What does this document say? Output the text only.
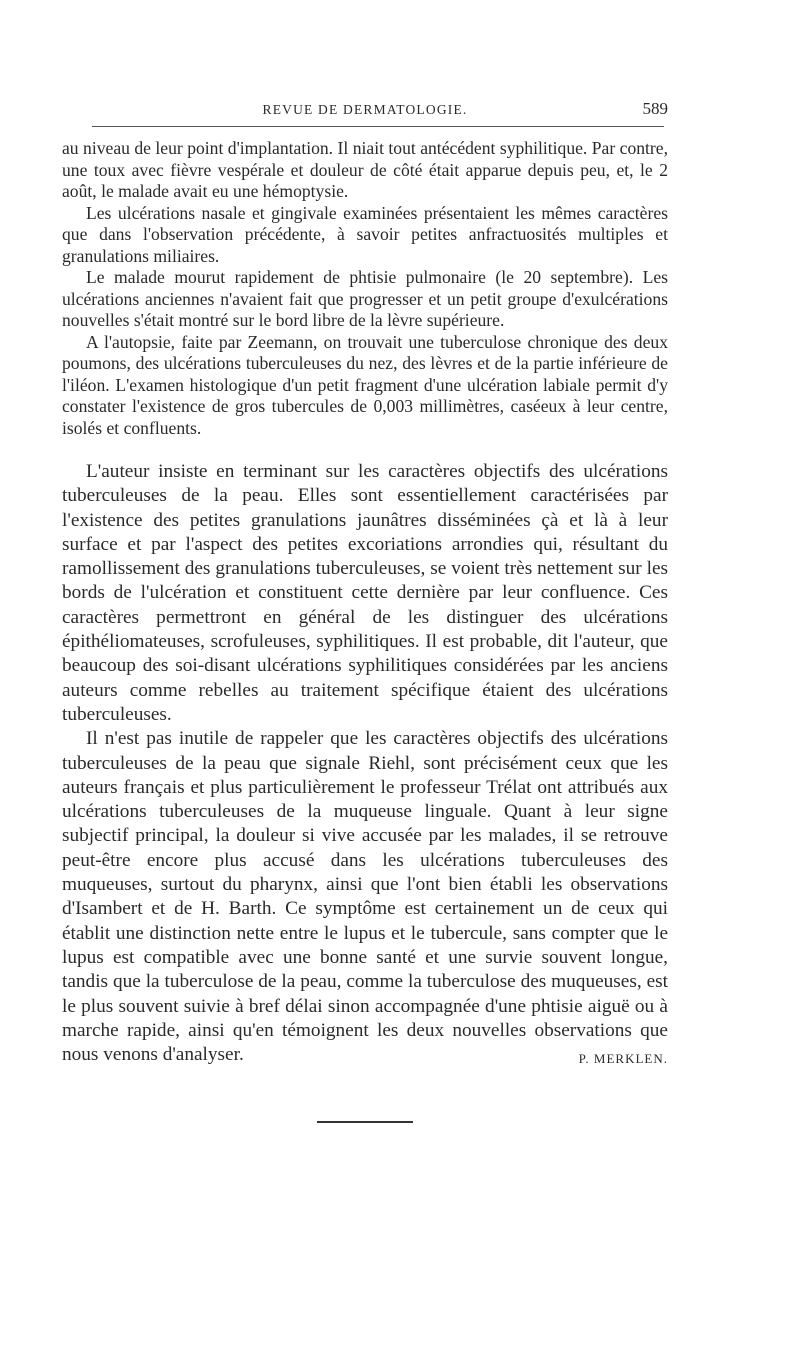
REVUE DE DERMATOLOGIE.	589

au niveau de leur point d'implantation. Il niait tout antécédent syphilitique. Par contre, une toux avec fièvre vespérale et douleur de côté était apparue depuis peu, et, le 2 août, le malade avait eu une hémoptysie.

Les ulcérations nasale et gingivale examinées présentaient les mêmes caractères que dans l'observation précédente, à savoir petites anfractuosités multiples et granulations miliaires.

Le malade mourut rapidement de phtisie pulmonaire (le 20 septembre). Les ulcérations anciennes n'avaient fait que progresser et un petit groupe d'exulcérations nouvelles s'était montré sur le bord libre de la lèvre supérieure.

A l'autopsie, faite par Zeemann, on trouvait une tuberculose chronique des deux poumons, des ulcérations tuberculeuses du nez, des lèvres et de la partie inférieure de l'iléon. L'examen histologique d'un petit fragment d'une ulcération labiale permit d'y constater l'existence de gros tubercules de 0,003 millimètres, caséeux à leur centre, isolés et confluents.

L'auteur insiste en terminant sur les caractères objectifs des ulcérations tuberculeuses de la peau. Elles sont essentiellement caractérisées par l'existence des petites granulations jaunâtres disséminées çà et là à leur surface et par l'aspect des petites excoriations arrondies qui, résultant du ramollissement des granulations tuberculeuses, se voient très nettement sur les bords de l'ulcération et constituent cette dernière par leur confluence. Ces caractères permettront en général de les distinguer des ulcérations épithéliomateuses, scrofuleuses, syphilitiques. Il est probable, dit l'auteur, que beaucoup des soi-disant ulcérations syphilitiques considérées par les anciens auteurs comme rebelles au traitement spécifique étaient des ulcérations tuberculeuses.

Il n'est pas inutile de rappeler que les caractères objectifs des ulcérations tuberculeuses de la peau que signale Riehl, sont précisément ceux que les auteurs français et plus particulièrement le professeur Trélat ont attribués aux ulcérations tuberculeuses de la muqueuse linguale. Quant à leur signe subjectif principal, la douleur si vive accusée par les malades, il se retrouve peut-être encore plus accusé dans les ulcérations tuberculeuses des muqueuses, surtout du pharynx, ainsi que l'ont bien établi les observations d'Isambert et de H. Barth. Ce symptôme est certainement un de ceux qui établit une distinction nette entre le lupus et le tubercule, sans compter que le lupus est compatible avec une bonne santé et une survie souvent longue, tandis que la tuberculose de la peau, comme la tuberculose des muqueuses, est le plus souvent suivie à bref délai sinon accompagnée d'une phtisie aiguë ou à marche rapide, ainsi qu'en témoignent les deux nouvelles observations que nous venons d'analyser.	P. MERKLEN.
